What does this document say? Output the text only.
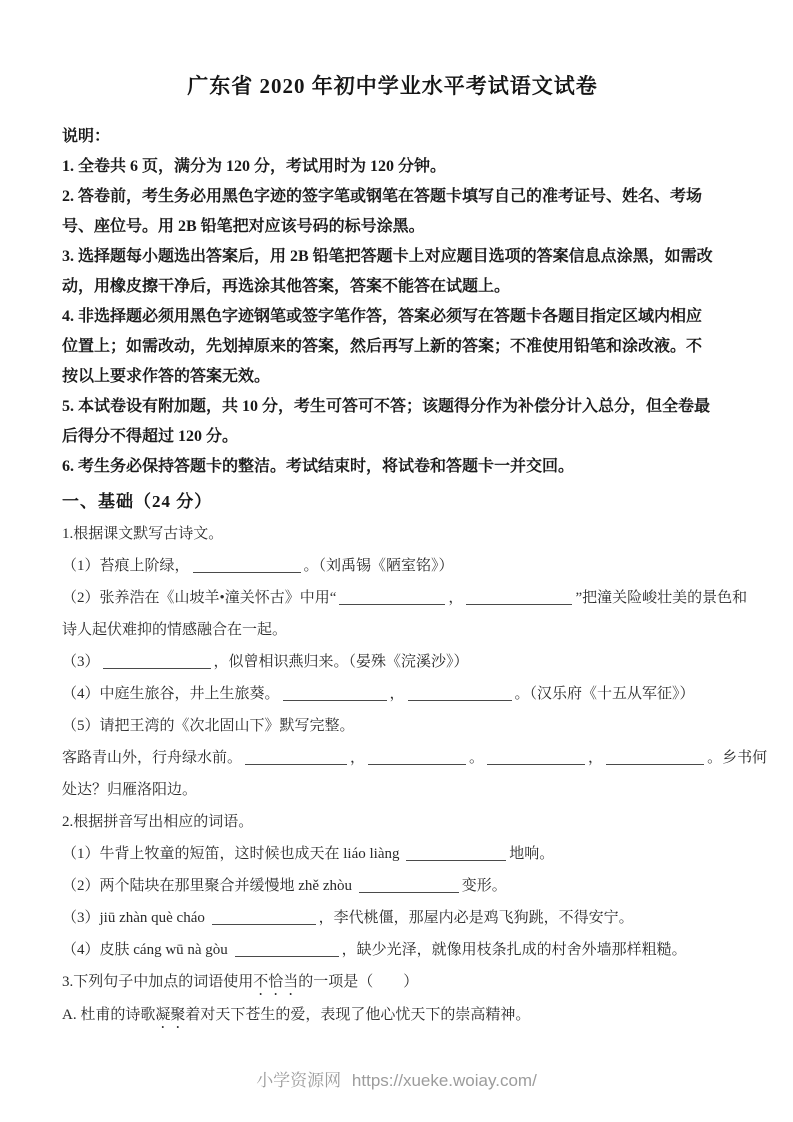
广东省 2020 年初中学业水平考试语文试卷
说明：
1. 全卷共 6 页，满分为 120 分，考试用时为 120 分钟。
2. 答卷前，考生务必用黑色字迹的签字笔或钢笔在答题卡填写自己的准考证号、姓名、考场
号、座位号。用 2B 铅笔把对应该号码的标号涂黑。
3. 选择题每小题选出答案后，用 2B 铅笔把答题卡上对应题目选项的答案信息点涂黑，如需改
动，用橡皮擦干净后，再选涂其他答案，答案不能答在试题上。
4. 非选择题必须用黑色字迹钢笔或签字笔作答，答案必须写在答题卡各题目指定区域内相应
位置上；如需改动，先划掉原来的答案，然后再写上新的答案；不准使用铅笔和涂改液。不
按以上要求作答的答案无效。
5. 本试卷设有附加题，共 10 分，考生可答可不答；该题得分作为补偿分计入总分，但全卷最
后得分不得超过 120 分。
6. 考生务必保持答题卡的整洁。考试结束时，将试卷和答题卡一并交回。
一、基础（24 分）
1.根据课文默写古诗文。
（1）苔痕上阶绿，	。（刘禹锡《陋室铭》）
（2）张养浩在《山坡羊•潼关怀古》中用“	，	”把潼关险峻壮美的景色和
诗人起伏难抑的情感融合在一起。
（3）	，似曾相识燕归来。（晏殊《浣溪沙》）
（4）中庭生旅谷，井上生旅葵。	，	。（汉乐府《十五从军征》）
（5）请把王湾的《次北固山下》默写完整。
客路青山外，行舟绿水前。	，	。	，	。乡书何
处达？归雁洛阳边。
2.根据拼音写出相应的词语。
（1）牛背上牧童的短笛，这时候也成天在 liáo liàng	地响。
（2）两个陆块在那里聚合并缓慢地 zhě zhòu	变形。
（3）jiū zhàn què cháo	，李代桃僵，那屋内必是鸡飞狗跳，不得安宁。
（4）皮肤 cáng wū nà gòu	，缺少光泽，就像用枝条扎成的村舍外墙那样粗糙。
3.下列句子中加点的词语使用不恰当的一项是（　　）
A. 杜甫的诗歌凝聚着对天下苍生的爱，表现了他心忧天下的崇高精神。
小学资源网 https://xueke.woiay.com/
